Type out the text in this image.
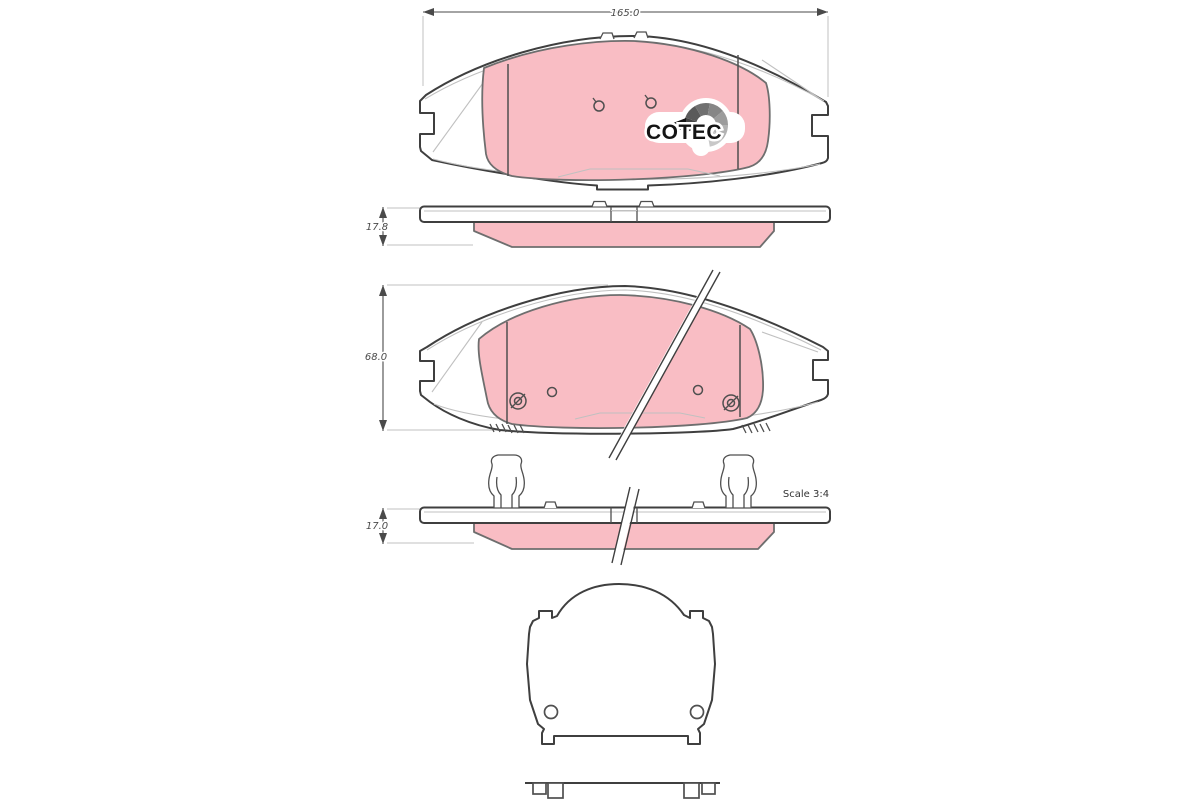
165.0
COTEC
17.8
68.0
17.0
Scale 3:4
